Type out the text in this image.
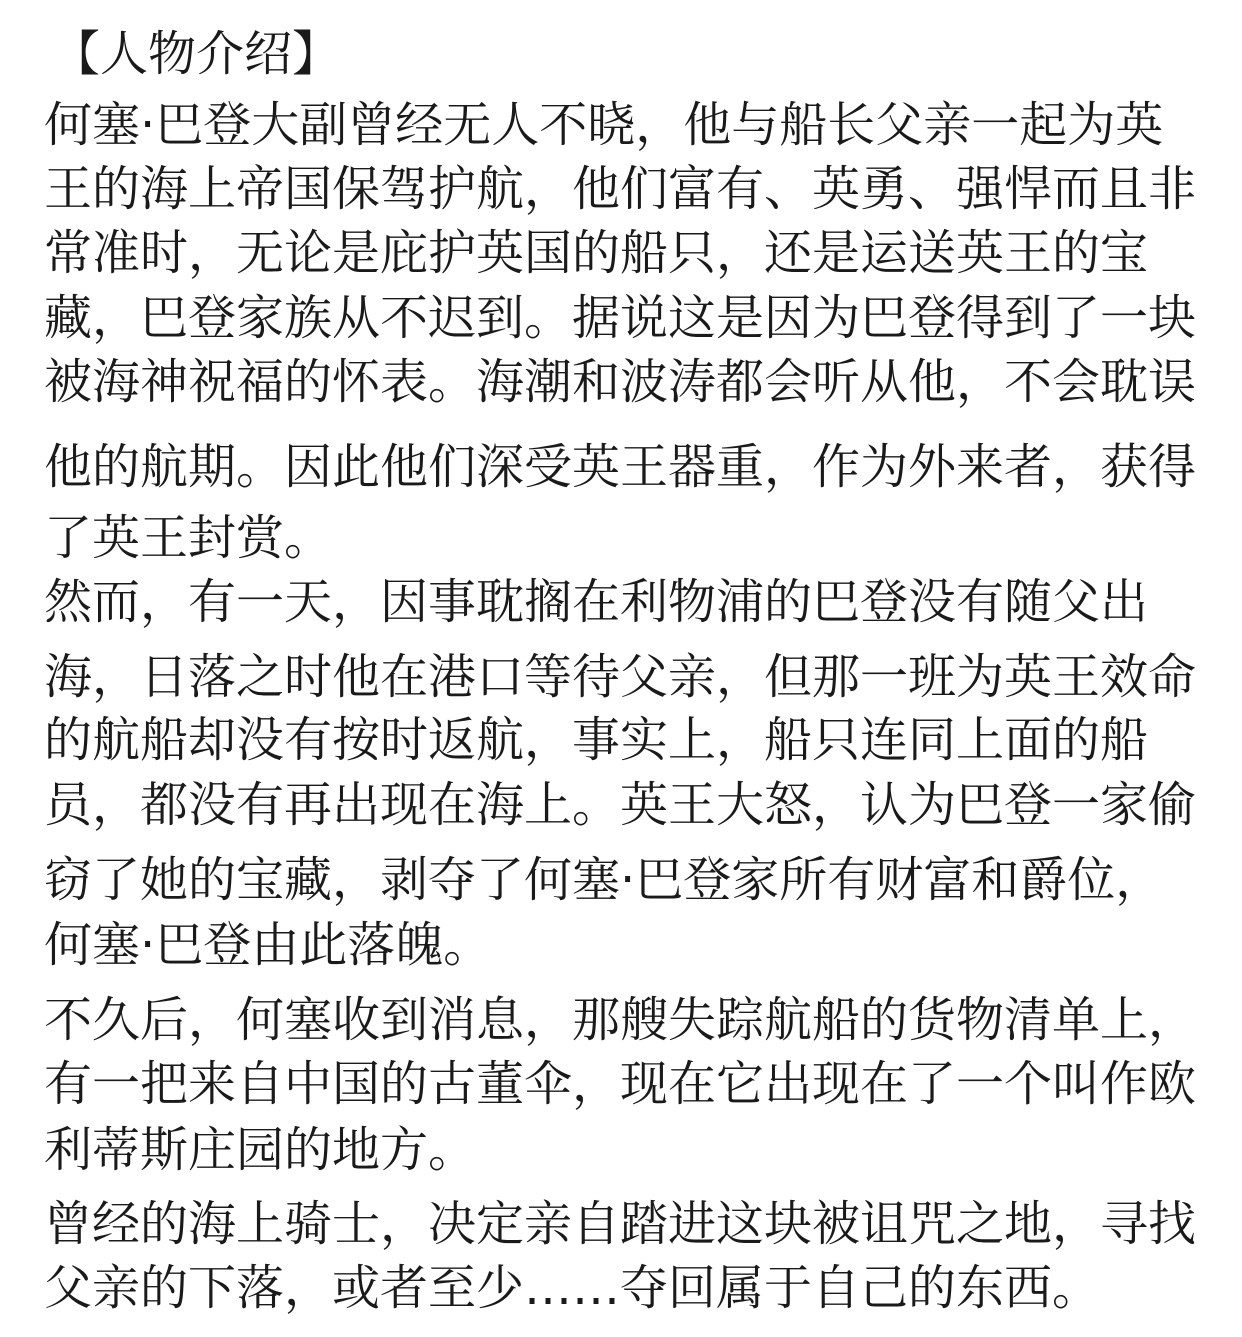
【人物介绍】
何塞·巴登大副曾经无人不晓，他与船长父亲一起为英
王的海上帝国保驾护航，他们富有、英勇、强悍而且非
常准时，无论是庇护英国的船只，还是运送英王的宝
藏，巴登家族从不迟到。据说这是因为巴登得到了一块
被海神祝福的怀表。海潮和波涛都会听从他，不会耽误
他的航期。因此他们深受英王器重，作为外来者，获得
了英王封赏。
然而，有一天，因事耽搁在利物浦的巴登没有随父出
海，日落之时他在港口等待父亲，但那一班为英王效命
的航船却没有按时返航，事实上，船只连同上面的船
员，都没有再出现在海上。英王大怒，认为巴登一家偷
窃了她的宝藏，剥夺了何塞·巴登家所有财富和爵位，
何塞·巴登由此落魄。
不久后，何塞收到消息，那艘失踪航船的货物清单上，
有一把来自中国的古董伞，现在它出现在了一个叫作欧
利蒂斯庄园的地方。
曾经的海上骑士，决定亲自踏进这块被诅咒之地，寻找
父亲的下落，或者至少……夺回属于自己的东西。
